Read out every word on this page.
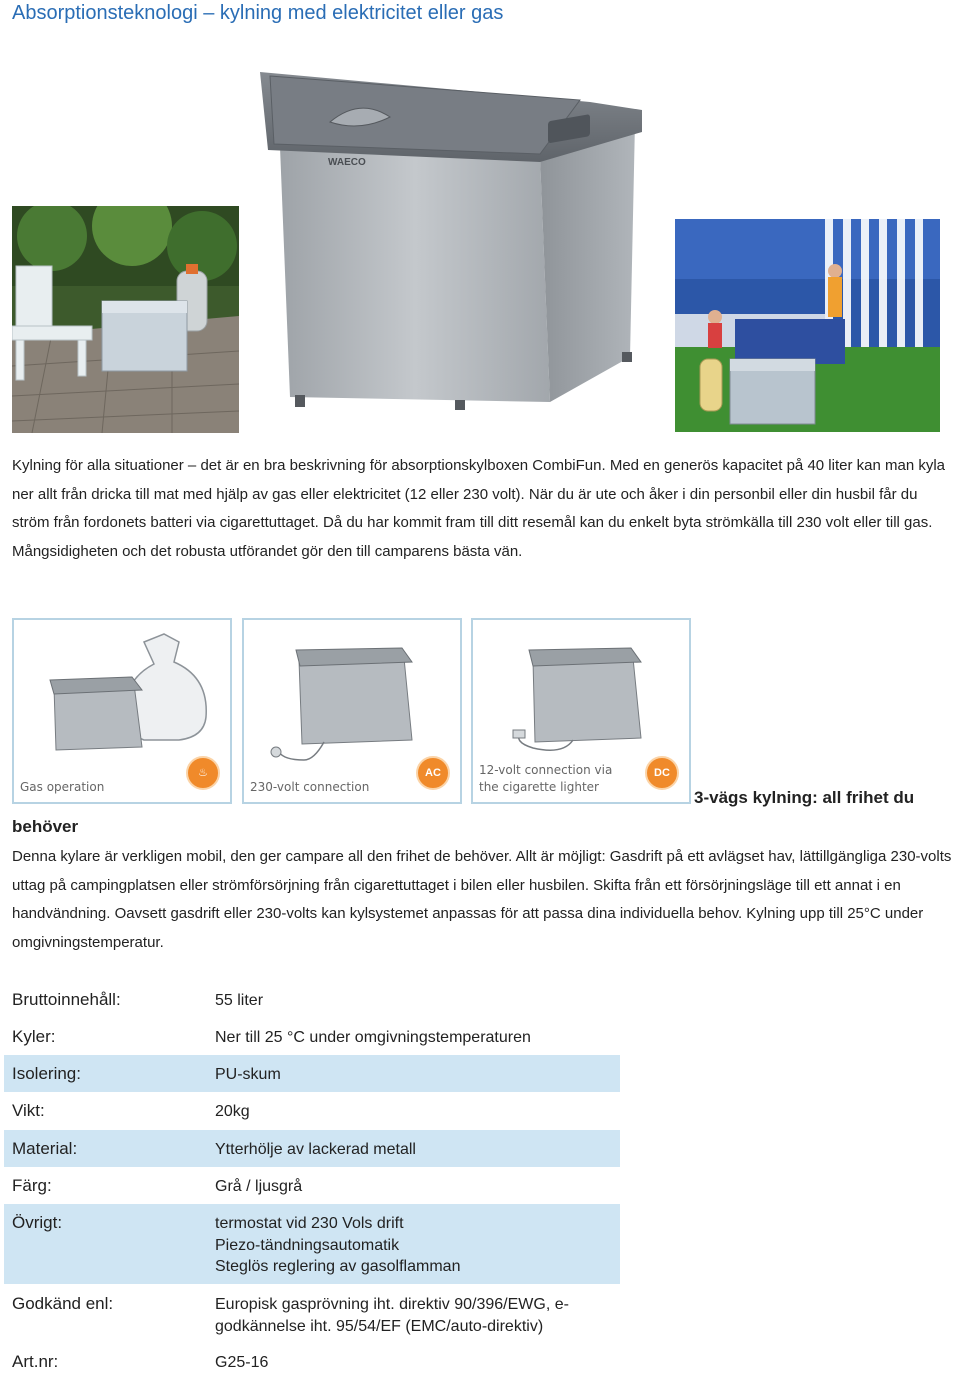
Absorptionsteknologi – kylning med elektricitet eller gas
WAECO

Kylning för alla situationer – det är en bra beskrivning för absorptionskylboxen CombiFun. Med en generös kapacitet på 40 liter kan man kyla ner allt från dricka till mat med hjälp av gas eller elektricitet (12 eller 230 volt). När du är ute och åker i din personbil eller din husbil får du ström från fordonets batteri via cigarettuttaget. Då du har kommit fram till ditt resemål kan du enkelt byta strömkälla till 230 volt eller till gas. Mångsidigheten och det robusta utförandet gör den till camparens bästa vän.

Gas operation
♨
230-volt connection
AC	12-volt connection via
the cigarette lighter
DC
3-vägs kylning: all frihet du
behöver

Denna kylare är verkligen mobil, den ger campare all den frihet de behöver. Allt är möjligt: Gasdrift på ett avlägset hav, lättillgängliga 230-volts uttag på campingplatsen eller strömförsörjning från cigarettuttaget i bilen eller husbilen. Skifta från ett försörjningsläge till ett annat i en handvändning. Oavsett gasdrift eller 230-volts kan kylsystemet anpassas för att passa dina individuella behov. Kylning upp till 25°C under omgivningstemperatur.

Bruttoinnehåll:	55 liter
Kyler:	Ner till 25 °C under omgivningstemperaturen
Isolering:	PU-skum
Vikt:	20kg
Material:	Ytterhölje av lackerad metall
Färg:	Grå / ljusgrå
Övrigt:	termostat vid 230 Vols drift
Piezo-tändningsautomatik
Steglös reglering av gasolflamman
Godkänd enl:	Europisk gasprövning iht. direktiv 90/396/EWG, e-
godkännelse iht. 95/54/EF (EMC/auto-direktiv)
Art.nr:	G25-16
